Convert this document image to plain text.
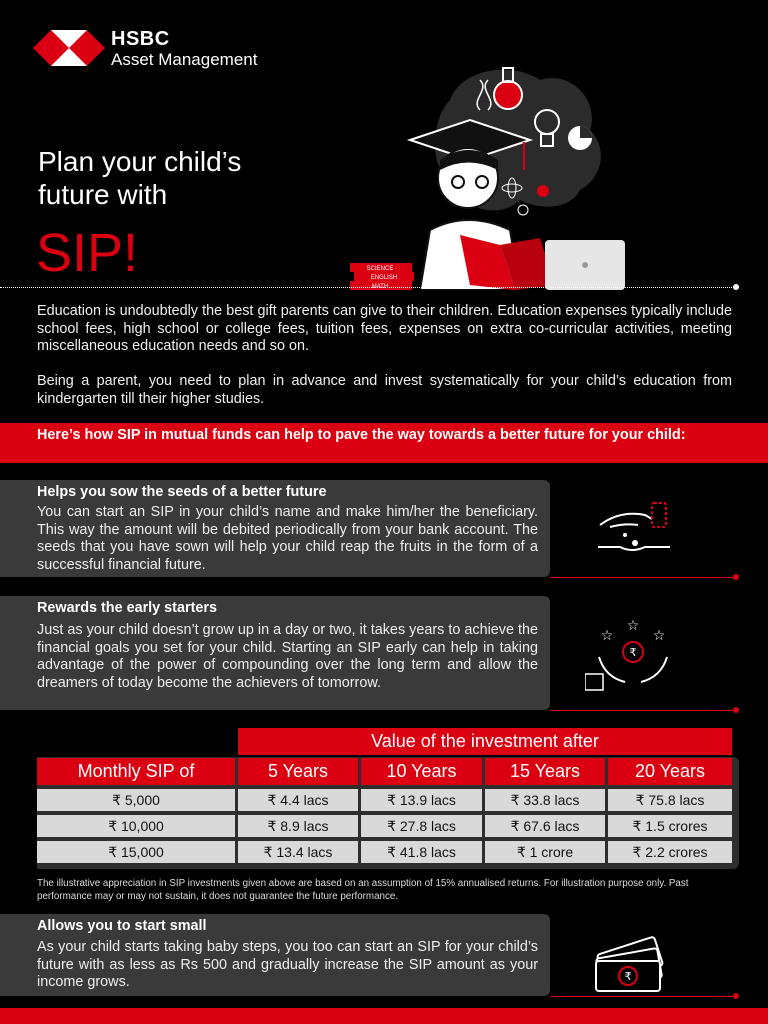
HSBC
Asset Management
Plan your child’s
future with
SIP!	SCIENCE
ENGLISH
MATH
Education is undoubtedly the best gift parents can give to their children. Education expenses typically include school fees, high school or college fees, tuition fees, expenses on extra co-curricular activities, meeting miscellaneous education needs and so on.
Being a parent, you need to plan in advance and invest systematically for your child’s education from kindergarten till their higher studies.
Here’s how SIP in mutual funds can help to pave the way towards a better future for your child:
Helps you sow the seeds of a better future
You can start an SIP in your child’s name and make him/her the beneficiary. This way the amount will be debited periodically from your bank account. The seeds that you have sown will help your child reap the fruits in the form of a successful financial future.
Rewards the early starters
Just as your child doesn’t grow up in a day or two, it takes years to achieve the financial goals you set for your child. Starting an SIP early can help in taking advantage of the power of compounding over the long term and allow the dreamers of today become the achievers of tomorrow.
☆
☆
☆
₹
Value of the investment after
Monthly SIP of	5 Years	10 Years	15 Years	20 Years
₹ 5,000	₹ 4.4 lacs	₹ 13.9 lacs	₹ 33.8 lacs	₹ 75.8 lacs
₹ 10,000	₹ 8.9 lacs	₹ 27.8 lacs	₹ 67.6 lacs	₹ 1.5 crores
₹ 15,000	₹ 13.4 lacs	₹ 41.8 lacs	₹ 1 crore	₹ 2.2 crores
The illustrative appreciation in SIP investments given above are based on an assumption of 15% annualised returns. For illustration purpose only. Past performance may or may not sustain, it does not guarantee the future performance.
Allows you to start small
As your child starts taking baby steps, you too can start an SIP for your child’s future with as less as Rs 500 and gradually increase the SIP amount as your income grows.	₹
